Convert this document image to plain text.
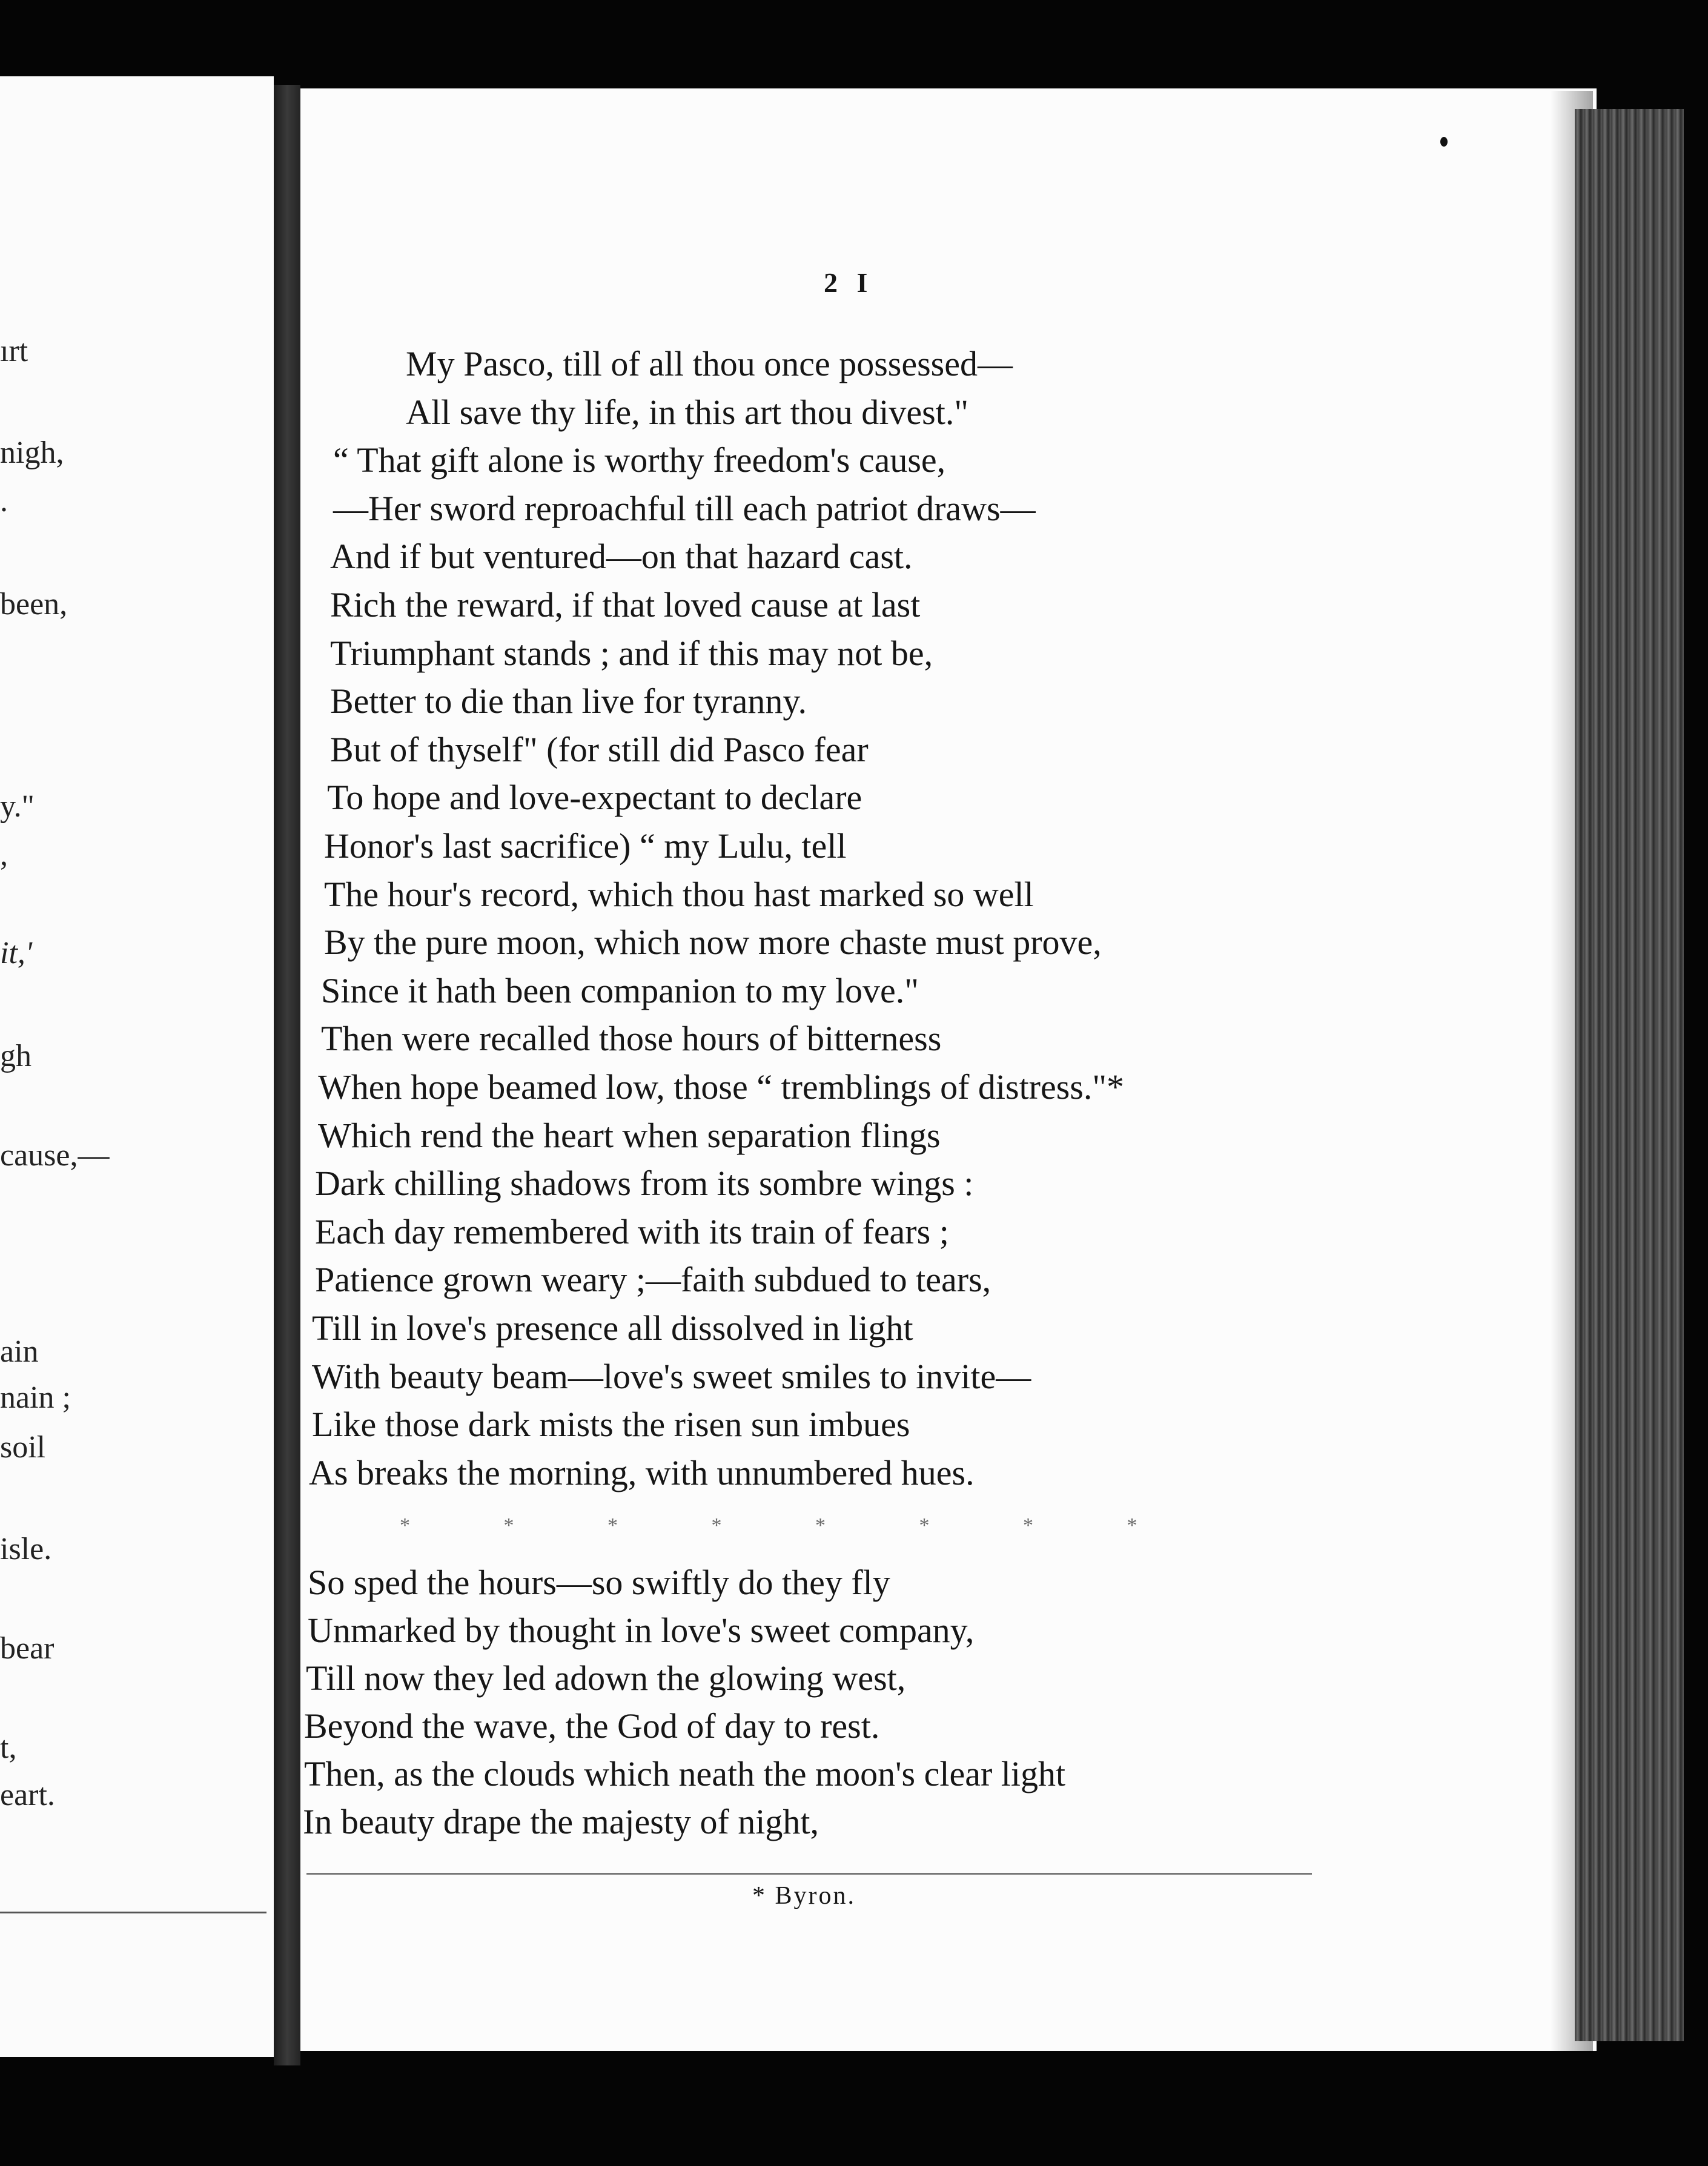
ırt
nigh,
.
been,
y."
,
it,'
gh
cause,—
ain
nain ;
soil
isle.
bear
t,
eart.
2 I
My Pasco, till of all thou once possessed—
All save thy life, in this art thou divest."
“ That gift alone is worthy freedom's cause,
—Her sword reproachful till each patriot draws—
And if but ventured—on that hazard cast.
Rich the reward, if that loved cause at last
Triumphant stands ; and if this may not be,
Better to die than live for tyranny.
But of thyself" (for still did Pasco fear
To hope and love-expectant to declare
Honor's last sacrifice) “ my Lulu, tell
The hour's record, which thou hast marked so well
By the pure moon, which now more chaste must prove,
Since it hath been companion to my love."
Then were recalled those hours of bitterness
When hope beamed low, those “ tremblings of distress."*
Which rend the heart when separation flings
Dark chilling shadows from its sombre wings :
Each day remembered with its train of fears ;
Patience grown weary ;—faith subdued to tears,
Till in love's presence all dissolved in light
With beauty beam—love's sweet smiles to invite—
Like those dark mists the risen sun imbues
As breaks the morning, with unnumbered hues.
* * * * * * * *
So sped the hours—so swiftly do they fly
Unmarked by thought in love's sweet company,
Till now they led adown the glowing west,
Beyond the wave, the God of day to rest.
Then, as the clouds which neath the moon's clear light
In beauty drape the majesty of night,
* Byron.
